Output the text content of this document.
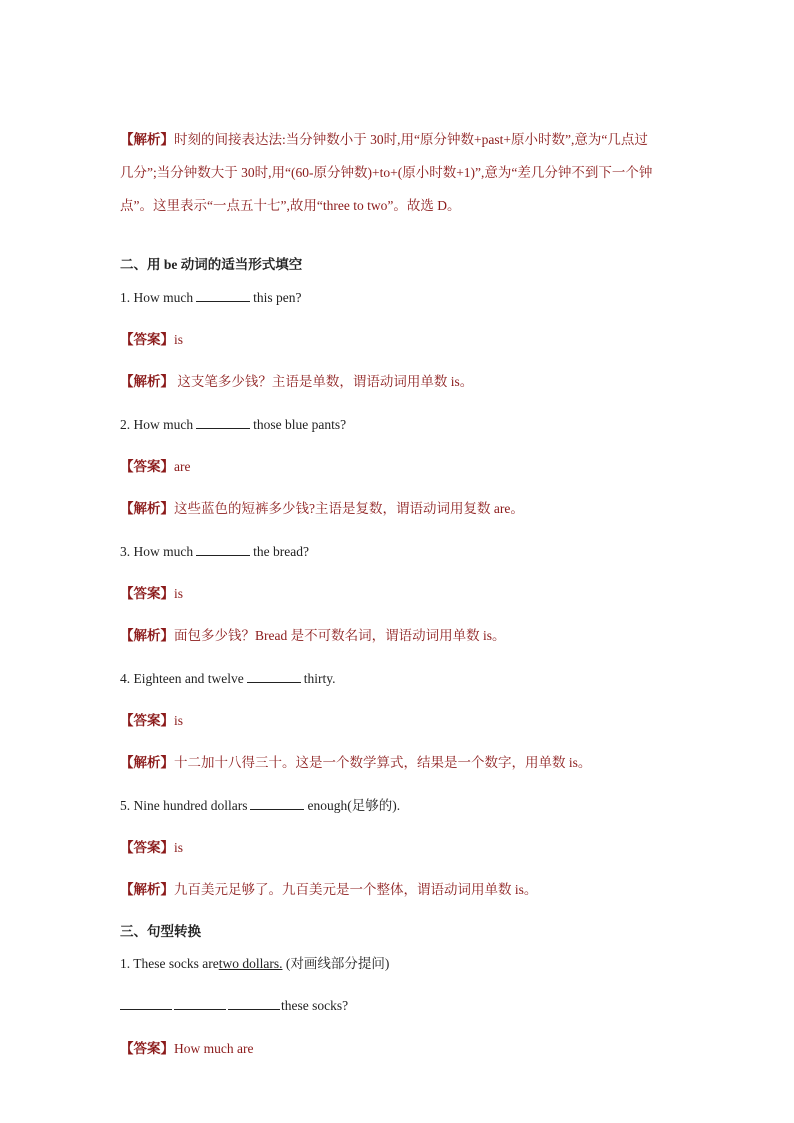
【解析】时刻的间接表达法:当分钟数小于 30时,用“原分钟数+past+原小时数”,意为“几点过
几分”;当分钟数大于 30时,用“(60-原分钟数)+to+(原小时数+1)”,意为“差几分钟不到下一个钟
点”。这里表示“一点五十七”,故用“three to two”。故选 D。
二、用 be 动词的适当形式填空
1. How much	this pen?
【答案】is
【解析】 这支笔多少钱？主语是单数，谓语动词用单数 is。
2. How much	those blue pants?
【答案】are
【解析】这些蓝色的短裤多少钱?主语是复数，谓语动词用复数 are。
3. How much	the bread?
【答案】is
【解析】面包多少钱？Bread 是不可数名词，谓语动词用单数 is。
4. Eighteen and twelve	thirty.
【答案】is
【解析】十二加十八得三十。这是一个数学算式，结果是一个数字，用单数 is。
5. Nine hundred dollars	enough(足够的).
【答案】is
【解析】九百美元足够了。九百美元是一个整体，谓语动词用单数 is。
三、句型转换
1. These socks aretwo dollars. (对画线部分提问)
these socks?
【答案】How much are
